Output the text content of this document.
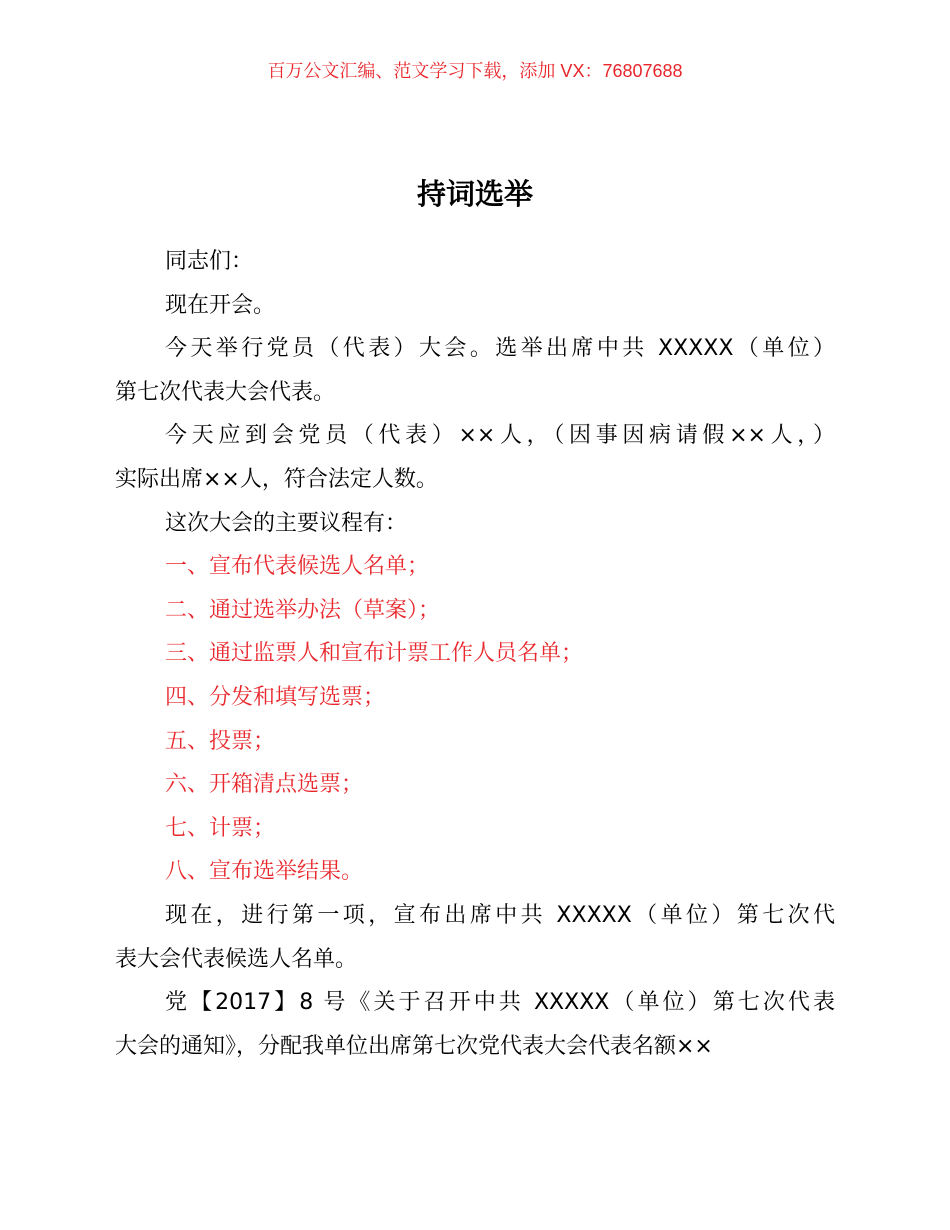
百万公文汇编、范文学习下载，添加 VX：76807688
持词选举
同志们：
现在开会。
今天举行党员（代表）大会。选举出席中共 XXXXX（单位）
第七次代表大会代表。
今天应到会党员（代表）××人，（因事因病请假××人，）
实际出席××人，符合法定人数。
这次大会的主要议程有：
一、宣布代表候选人名单；
二、通过选举办法（草案）；
三、通过监票人和宣布计票工作人员名单；
四、分发和填写选票；
五、投票；
六、开箱清点选票；
七、计票；
八、宣布选举结果。
现在，进行第一项，宣布出席中共 XXXXX（单位）第七次代
表大会代表候选人名单。
党【2017】8 号《关于召开中共 XXXXX（单位）第七次代表
大会的通知》，分配我单位出席第七次党代表大会代表名额××
